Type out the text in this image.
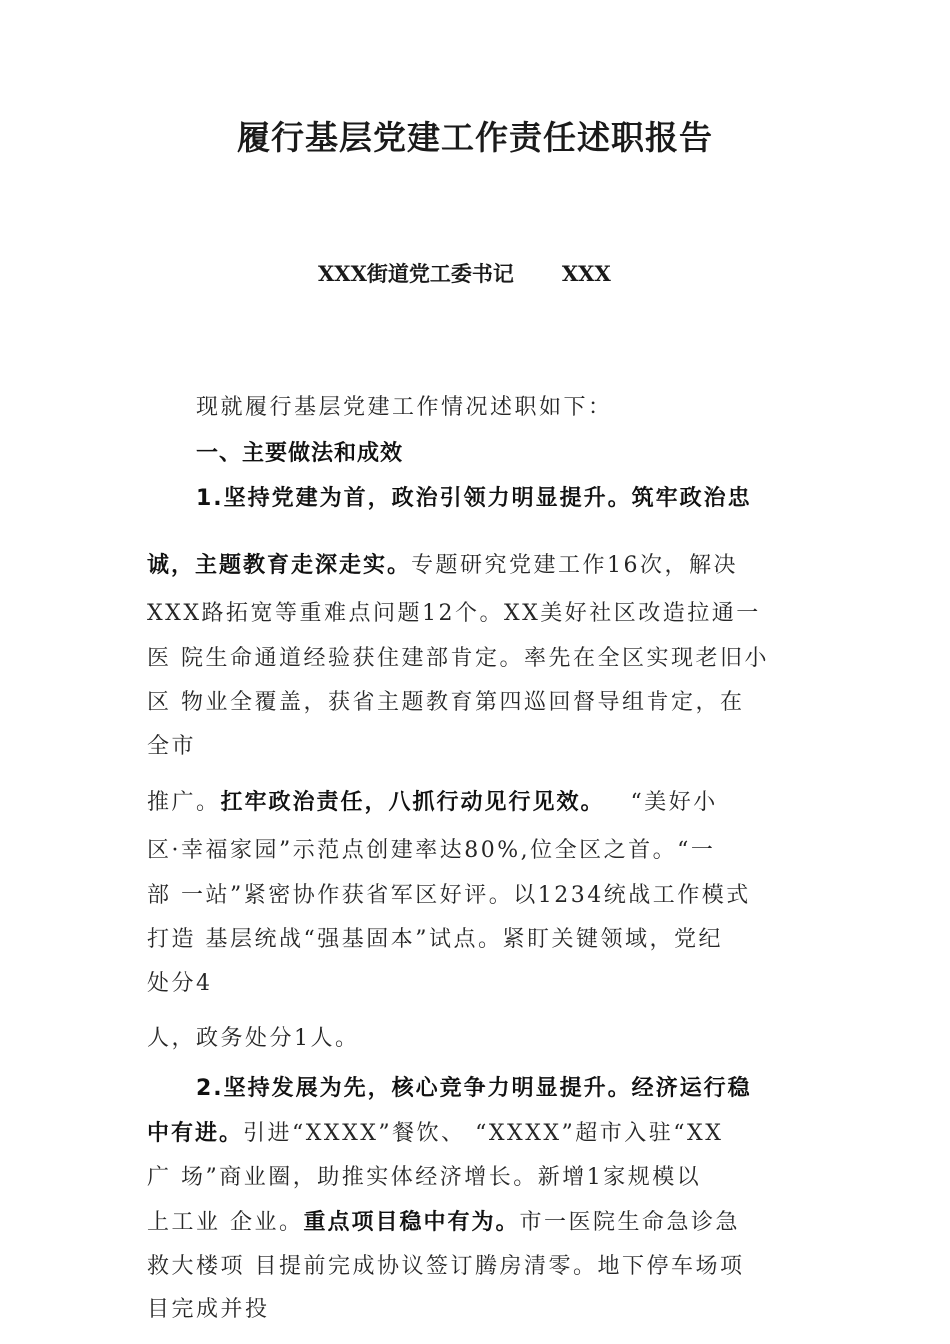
履行基层党建工作责任述职报告
XXX街道党工委书记 XXX
现就履行基层党建工作情况述职如下：
一、主要做法和成效
1.坚持党建为首，政治引领力明显提升。筑牢政治忠
诚，主题教育走深走实。专题研究党建工作16次，解决
XXX路拓宽等重难点问题12个。XX美好社区改造拉通一
医 院生命通道经验获住建部肯定。率先在全区实现老旧小
区 物业全覆盖，获省主题教育第四巡回督导组肯定，在
全市
推广。扛牢政治责任，八抓行动见行见效。 “美好小
区·幸福家园”示范点创建率达80%,位全区之首。“一
部 一站”紧密协作获省军区好评。以1234统战工作模式
打造 基层统战“强基固本”试点。紧盯关键领域，党纪
处分4
人，政务处分1人。
2.坚持发展为先，核心竞争力明显提升。经济运行稳
中有进。引进“XXXX”餐饮、 “XXXX”超市入驻“XX
广 场”商业圈，助推实体经济增长。新增1家规模以
上工业 企业。重点项目稳中有为。市一医院生命急诊急
救大楼项 目提前完成协议签订腾房清零。地下停车场项
目完成并投
